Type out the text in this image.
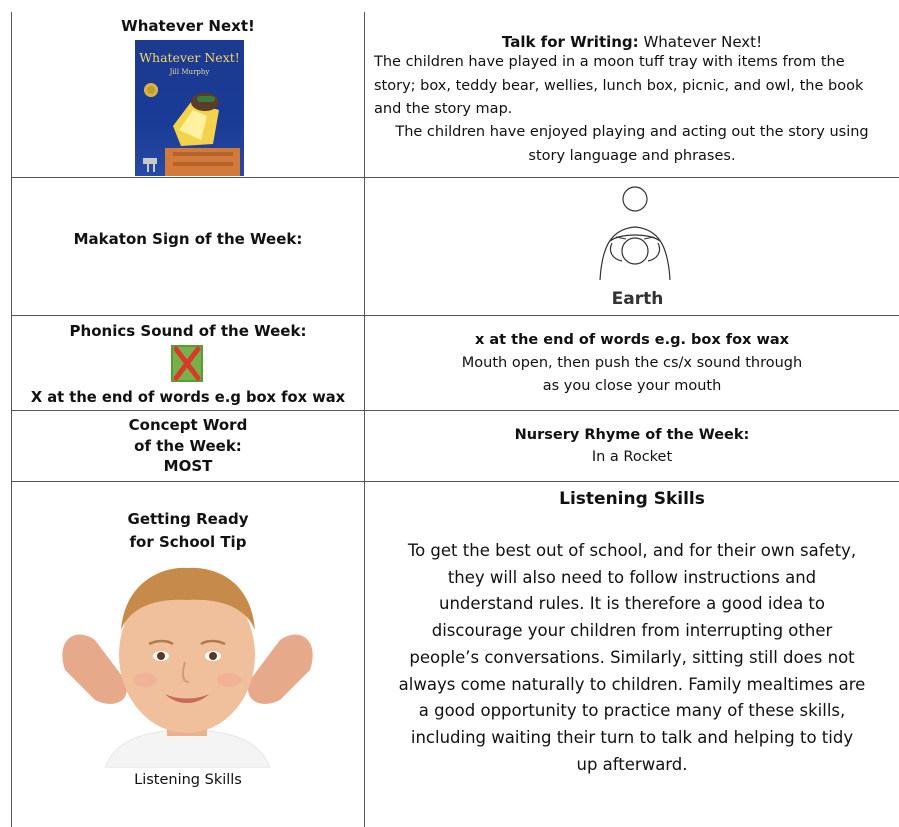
Whatever Next!
Whatever Next!
Jill Murphy
Talk for Writing: Whatever Next!
The children have played in a moon tuff tray with items from the
story; box, teddy bear, wellies, lunch box, picnic, and owl, the book
and the story map.
The children have enjoyed playing and acting out the story using
story language and phrases.
Makaton Sign of the Week:
Earth
Phonics Sound of the Week:
X at the end of words e.g box fox wax
x at the end of words e.g. box fox wax
Mouth open, then push the cs/x sound through
as you close your mouth
Concept Word
of the Week:
MOST
Nursery Rhyme of the Week:
In a Rocket
Getting Ready
for School Tip
Listening Skills
Listening Skills
To get the best out of school, and for their own safety,
they will also need to follow instructions and
understand rules. It is therefore a good idea to
discourage your children from interrupting other
people’s conversations. Similarly, sitting still does not
always come naturally to children. Family mealtimes are
a good opportunity to practice many of these skills,
including waiting their turn to talk and helping to tidy
up afterward.
